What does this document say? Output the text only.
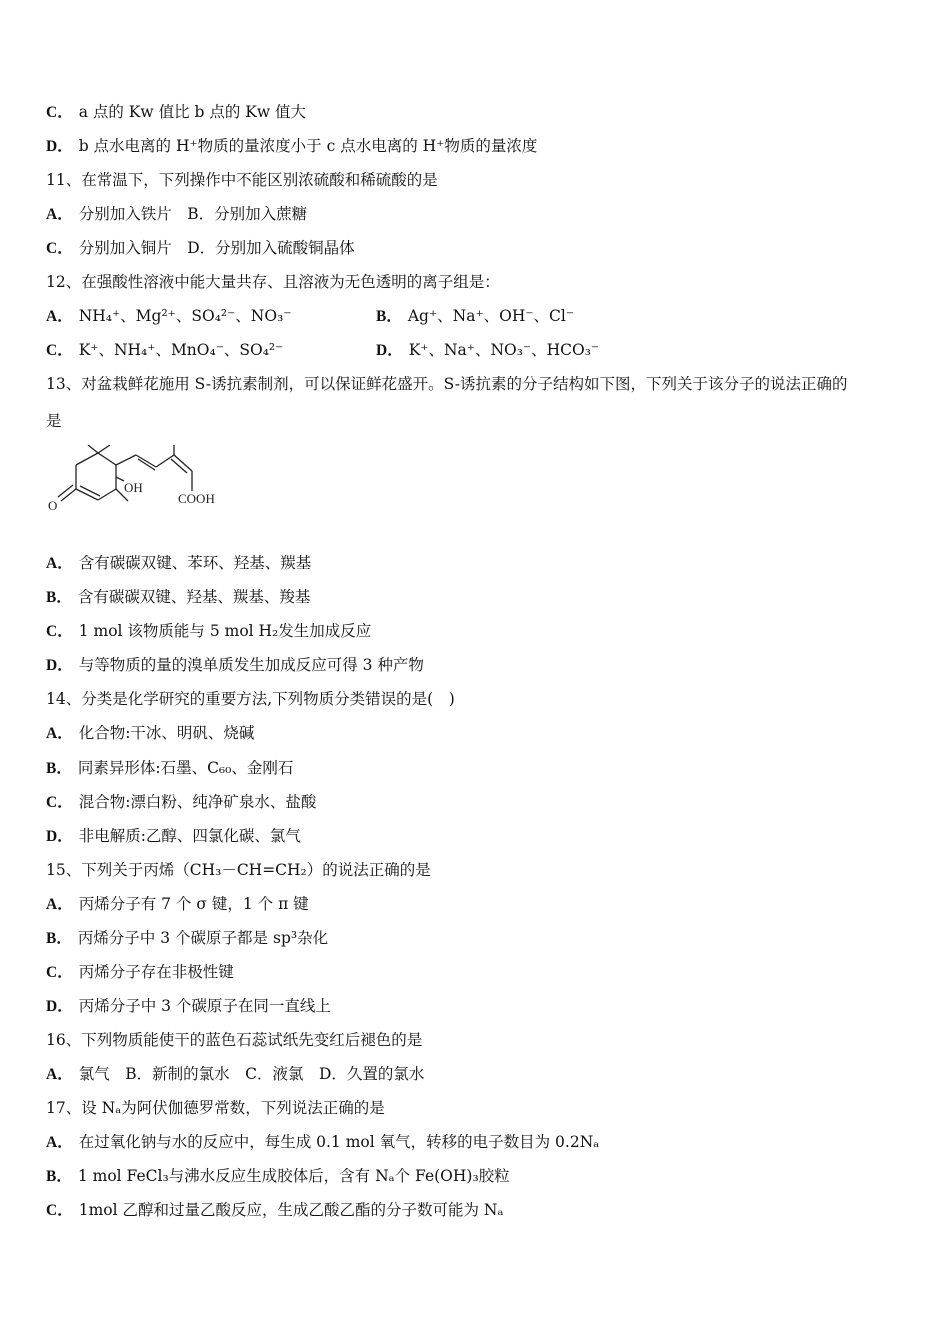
C． a 点的 Kw 值比 b 点的 Kw 值大
D． b 点水电离的 H⁺物质的量浓度小于 c 点水电离的 H⁺物质的量浓度
11、在常温下，下列操作中不能区别浓硫酸和稀硫酸的是
A． 分别加入铁片　B．分别加入蔗糖
C． 分别加入铜片　D．分别加入硫酸铜晶体
12、在强酸性溶液中能大量共存、且溶液为无色透明的离子组是：
A． NH₄⁺、Mg²⁺、SO₄²⁻、NO₃⁻	B． Ag⁺、Na⁺、OH⁻、Cl⁻
C． K⁺、NH₄⁺、MnO₄⁻、SO₄²⁻	D． K⁺、Na⁺、NO₃⁻、HCO₃⁻
13、对盆栽鲜花施用 S-诱抗素制剂，可以保证鲜花盛开。S-诱抗素的分子结构如下图，下列关于该分子的说法正确的
是
O
OH
COOH
A． 含有碳碳双键、苯环、羟基、羰基
B． 含有碳碳双键、羟基、羰基、羧基
C． 1 mol 该物质能与 5 mol H₂发生加成反应
D． 与等物质的量的溴单质发生加成反应可得 3 种产物
14、分类是化学研究的重要方法,下列物质分类错误的是(　)
A． 化合物:干冰、明矾、烧碱
B． 同素异形体:石墨、C₆₀、金刚石
C． 混合物:漂白粉、纯净矿泉水、盐酸
D． 非电解质:乙醇、四氯化碳、氯气
15、下列关于丙烯（CH₃－CH=CH₂）的说法正确的是
A． 丙烯分子有 7 个 σ 键，1 个 π 键
B． 丙烯分子中 3 个碳原子都是 sp³杂化
C． 丙烯分子存在非极性键
D． 丙烯分子中 3 个碳原子在同一直线上
16、下列物质能使干的蓝色石蕊试纸先变红后褪色的是
A． 氯气　B．新制的氯水　C．液氯　D．久置的氯水
17、设 Nₐ为阿伏伽德罗常数，下列说法正确的是
A． 在过氧化钠与水的反应中，每生成 0.1 mol 氧气，转移的电子数目为 0.2Nₐ
B． 1 mol FeCl₃与沸水反应生成胶体后，含有 Nₐ个 Fe(OH)₃胶粒
C． 1mol 乙醇和过量乙酸反应，生成乙酸乙酯的分子数可能为 Nₐ
